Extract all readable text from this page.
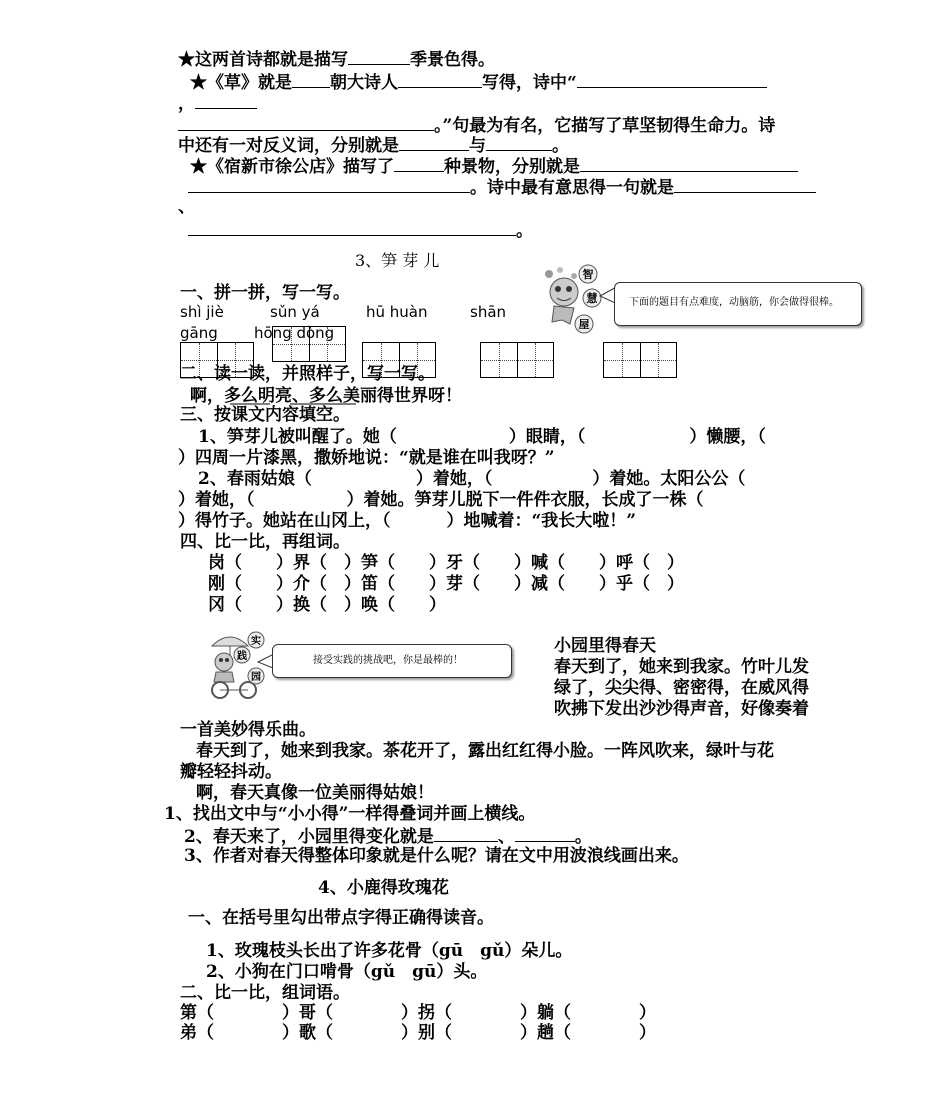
★这两首诗都就是描写	季景色得。
★《草》就是 朝大诗人	写得，诗中“
，
。”句最为有名，它描写了草坚韧得生命力。诗
中还有一对反义词，分别就是	与	。
★《宿新市徐公店》描写了	种景物，分别就是
。诗中最有意思得一句就是
、
。
3、笋 芽 儿
一、拼一拼，写一写。
shì jiè	sǔn yá	hū huàn	shān
gāng hōng dòng
智
慧
屋
下面的题目有点难度，动脑筋，你会做得很棒。
二、读一读，并照样子，写一写。
啊，多么明亮、多么美丽得世界呀！
三、按课文内容填空。
1、笋芽儿被叫醒了。她（	）眼睛，（	）懒腰，（
）四周一片漆黑，撒娇地说：“就是谁在叫我呀？”
2、春雨姑娘（	）着她，（	）着她。太阳公公（
）着她，（	）着她。笋芽儿脱下一件件衣服，长成了一株（
）得竹子。她站在山冈上，（	）地喊着：“我长大啦！”
四、比一比，再组词。
岗（　　）界（　）笋（　　）牙（　　）喊（　　）呼（　）
刚（　　）介（　）笛（　　）芽（　　）减（　　）乎（　）
冈（　　）换（　）唤（　　）
实
践
园
接受实践的挑战吧，你是最棒的！
小园里得春天
春天到了，她来到我家。竹叶儿发
绿了，尖尖得、密密得，在威风得
吹拂下发出沙沙得声音，好像奏着
一首美妙得乐曲。
春天到了，她来到我家。茶花开了，露出红红得小脸。一阵风吹来，绿叶与花
瓣轻轻抖动。
啊，春天真像一位美丽得姑娘！
1、找出文中与“小小得”一样得叠词并画上横线。
2、春天来了，小园里得变化就是	、	。
3、作者对春天得整体印象就是什么呢？请在文中用波浪线画出来。
4、小鹿得玫瑰花
一、在括号里勾出带点字得正确得读音。
1、玫瑰枝头长出了许多花骨（gū　gǔ）朵儿。
2、小狗在门口啃骨（gǔ　gū）头。
二、比一比，组词语。
第（　　　　）哥（　　　　）拐（　　　　）躺（　　　　）
弟（　　　　）歌（　　　　）别（　　　　）趟（　　　　）
